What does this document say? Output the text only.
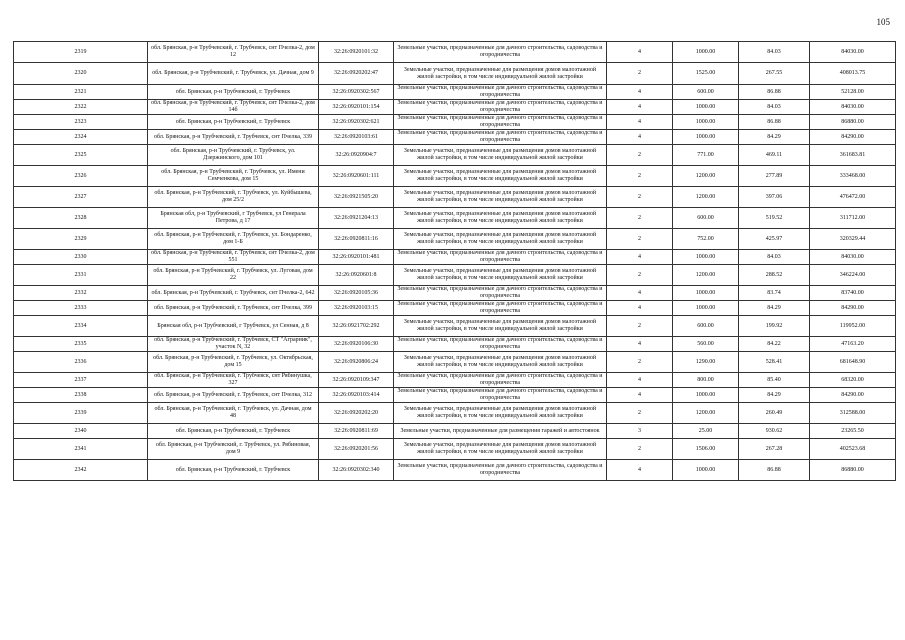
105
2319	обл. Брянская, р-н Трубчевский, г. Трубчевск, снт Пчелка-2, дом 12	32:26:0920101:32	Земельные участки, предназначенные для дачного строительства, садоводства и огородничества	4	1000.00	84.03	84030.00
2320	обл. Брянская, р-н Трубчевский, г. Трубчевск, ул. Дачная, дом 9	32:26:0920202:47	Земельные участки, предназначенные для размещения домов малоэтажной жилой застройки, в том числе индивидуальной жилой застройки	2	1525.00	267.55	408013.75
2321	обл. Брянская, р-н Трубчевский, г. Трубчевск	32:26:0920302:567	Земельные участки, предназначенные для дачного строительства, садоводства и огородничества	4	600.00	86.88	52128.00
2322	обл. Брянская, р-н Трубчевский, г. Трубчевск, снт Пчелка-2, дом 14б	32:26:0920101:154	Земельные участки, предназначенные для дачного строительства, садоводства и огородничества	4	1000.00	84.03	84030.00
2323	обл. Брянская, р-н Трубчевский, г. Трубчевск	32:26:0920302:621	Земельные участки, предназначенные для дачного строительства, садоводства и огородничества	4	1000.00	86.88	86880.00
2324	обл. Брянская, р-н Трубчевский, г. Трубчевск, снт Пчелка, 339	32:26:0920103:61	Земельные участки, предназначенные для дачного строительства, садоводства и огородничества	4	1000.00	84.29	84290.00
2325	обл. Брянская, р-н Трубчевский, г. Трубчевск, ул. Дзержинского, дом 101	32:26:0920904:7	Земельные участки, предназначенные для размещения домов малоэтажной жилой застройки, в том числе индивидуальной жилой застройки	2	771.00	469.11	361683.81
2326	обл. Брянская, р-н Трубчевский, г. Трубчевск, ул. Имени Семченкова, дом 15	32:26:0920601:111	Земельные участки, предназначенные для размещения домов малоэтажной жилой застройки, в том числе индивидуальной жилой застройки	2	1200.00	277.89	333468.00
2327	обл. Брянская, р-н Трубчевский, г. Трубчевск, ул. Куйбышева, дом 25/2	32:26:0921505:20	Земельные участки, предназначенные для размещения домов малоэтажной жилой застройки, в том числе индивидуальной жилой застройки	2	1200.00	397.06	476472.00
2328	Брянская обл, р-н Трубчевский, г Трубчевск, ул Генерала Петрова, д 17	32:26:0921204:13	Земельные участки, предназначенные для размещения домов малоэтажной жилой застройки, в том числе индивидуальной жилой застройки	2	600.00	519.52	311712.00
2329	обл. Брянская, р-н Трубчевский, г. Трубчевск, ул. Бондаренко, дом 1-Б	32:26:0920811:16	Земельные участки, предназначенные для размещения домов малоэтажной жилой застройки, в том числе индивидуальной жилой застройки	2	752.00	425.97	320329.44
2330	обл. Брянская, р-н Трубчевский, г. Трубчевск, снт Пчелка-2, дом 551	32:26:0920101:481	Земельные участки, предназначенные для дачного строительства, садоводства и огородничества	4	1000.00	84.03	84030.00
2331	обл. Брянская, р-н Трубчевский, г. Трубчевск, ул. Луговая, дом 22	32:26:0920601:8	Земельные участки, предназначенные для размещения домов малоэтажной жилой застройки, в том числе индивидуальной жилой застройки	2	1200.00	288.52	346224.00
2332	обл. Брянская, р-н Трубчевский, г. Трубчевск, снт Пчелка-2, 642	32:26:0920105:36	Земельные участки, предназначенные для дачного строительства, садоводства и огородничества	4	1000.00	83.74	83740.00
2333	обл. Брянская, р-н Трубчевский, г. Трубчевск, снт Пчелка, 399	32:26:0920103:15	Земельные участки, предназначенные для дачного строительства, садоводства и огородничества	4	1000.00	84.29	84290.00
2334	Брянская обл, р-н Трубчевский, г Трубчевск, ул Сенная, д 8	32:26:0921702:292	Земельные участки, предназначенные для размещения домов малоэтажной жилой застройки, в том числе индивидуальной жилой застройки	2	600.00	199.92	119952.00
2335	обл. Брянская, р-н Трубчевский, г. Трубчевск, СТ "Аграрник", участок N, 32	32:26:0920106:30	Земельные участки, предназначенные для дачного строительства, садоводства и огородничества	4	560.00	84.22	47163.20
2336	обл. Брянская, р-н Трубчевский, г. Трубчевск, ул. Октябрьская, дом 15	32:26:0920806:24	Земельные участки, предназначенные для размещения домов малоэтажной жилой застройки, в том числе индивидуальной жилой застройки	2	1290.00	528.41	681648.90
2337	обл. Брянская, р-н Трубчевский, г. Трубчевск, снт Рябинушка, 327	32:26:0920109:347	Земельные участки, предназначенные для дачного строительства, садоводства и огородничества	4	800.00	85.40	68320.00
2338	обл. Брянская, р-н Трубчевский, г. Трубчевск, снт Пчелка, 312	32:26:0920103:414	Земельные участки, предназначенные для дачного строительства, садоводства и огородничества	4	1000.00	84.29	84290.00
2339	обл. Брянская, р-н Трубчевский, г. Трубчевск, ул. Дачная, дом 48	32:26:0920202:20	Земельные участки, предназначенные для размещения домов малоэтажной жилой застройки, в том числе индивидуальной жилой застройки	2	1200.00	260.49	312588.00
2340	обл. Брянская, р-н Трубчевский, г. Трубчевск	32:26:0920811:69	Земельные участки, предназначенные для размещения гаражей и автостоянок	3	25.00	930.62	23265.50
2341	обл. Брянская, р-н Трубчевский, г. Трубчевск, ул. Рябиновая, дом 9	32:26:0920201:56	Земельные участки, предназначенные для размещения домов малоэтажной жилой застройки, в том числе индивидуальной жилой застройки	2	1506.00	267.28	402523.68
2342	обл. Брянская, р-н Трубчевский, г. Трубчевск	32:26:0920302:340	Земельные участки, предназначенные для дачного строительства, садоводства и огородничества	4	1000.00	86.88	86880.00
